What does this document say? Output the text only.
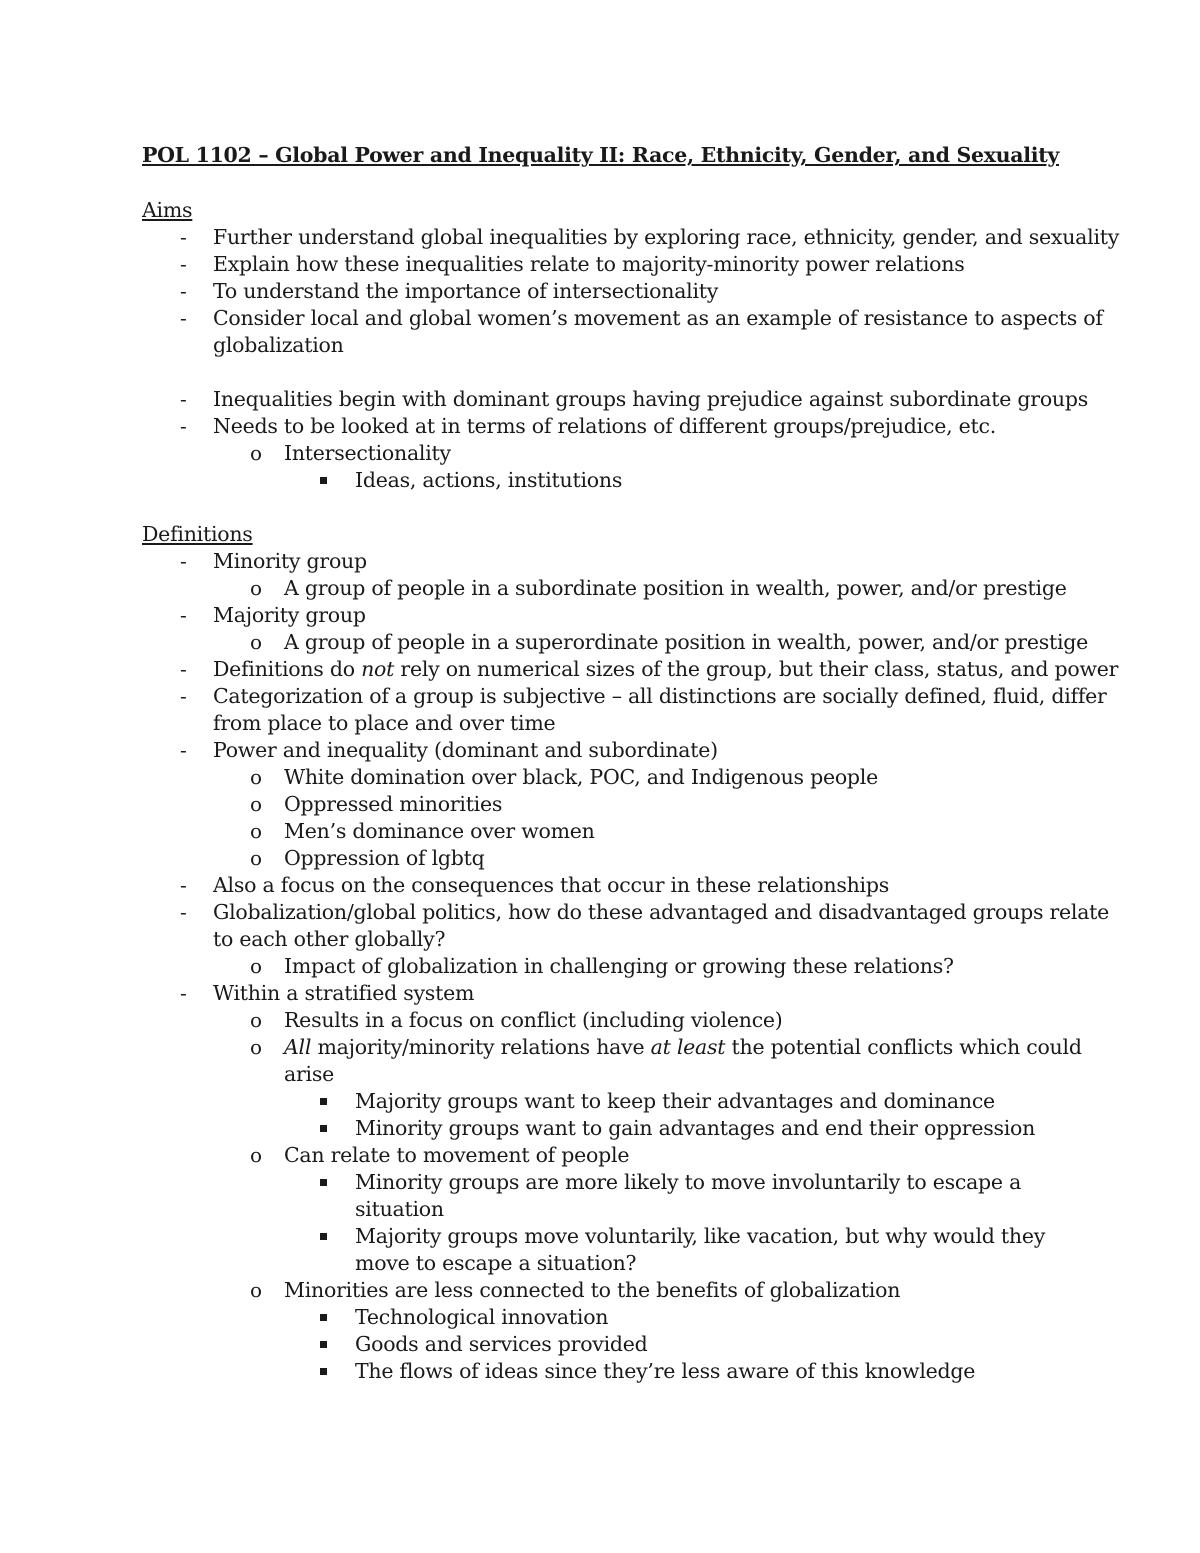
POL 1102 – Global Power and Inequality II: Race, Ethnicity, Gender, and Sexuality
Aims
- Further understand global inequalities by exploring race, ethnicity, gender, and sexuality
- Explain how these inequalities relate to majority-minority power relations
- To understand the importance of intersectionality
- Consider local and global women’s movement as an example of resistance to aspects of
globalization
- Inequalities begin with dominant groups having prejudice against subordinate groups
- Needs to be looked at in terms of relations of different groups/prejudice, etc.
o Intersectionality
Ideas, actions, institutions
Definitions
- Minority group
o A group of people in a subordinate position in wealth, power, and/or prestige
- Majority group
o A group of people in a superordinate position in wealth, power, and/or prestige
- Definitions do not rely on numerical sizes of the group, but their class, status, and power
- Categorization of a group is subjective – all distinctions are socially defined, fluid, differ
from place to place and over time
- Power and inequality (dominant and subordinate)
o White domination over black, POC, and Indigenous people
o Oppressed minorities
o Men’s dominance over women
o Oppression of lgbtq
- Also a focus on the consequences that occur in these relationships
- Globalization/global politics, how do these advantaged and disadvantaged groups relate
to each other globally?
o Impact of globalization in challenging or growing these relations?
- Within a stratified system
o Results in a focus on conflict (including violence)
o All majority/minority relations have at least the potential conflicts which could
arise
Majority groups want to keep their advantages and dominance
Minority groups want to gain advantages and end their oppression
o Can relate to movement of people
Minority groups are more likely to move involuntarily to escape a
situation
Majority groups move voluntarily, like vacation, but why would they
move to escape a situation?
o Minorities are less connected to the benefits of globalization
Technological innovation
Goods and services provided
The flows of ideas since they’re less aware of this knowledge
